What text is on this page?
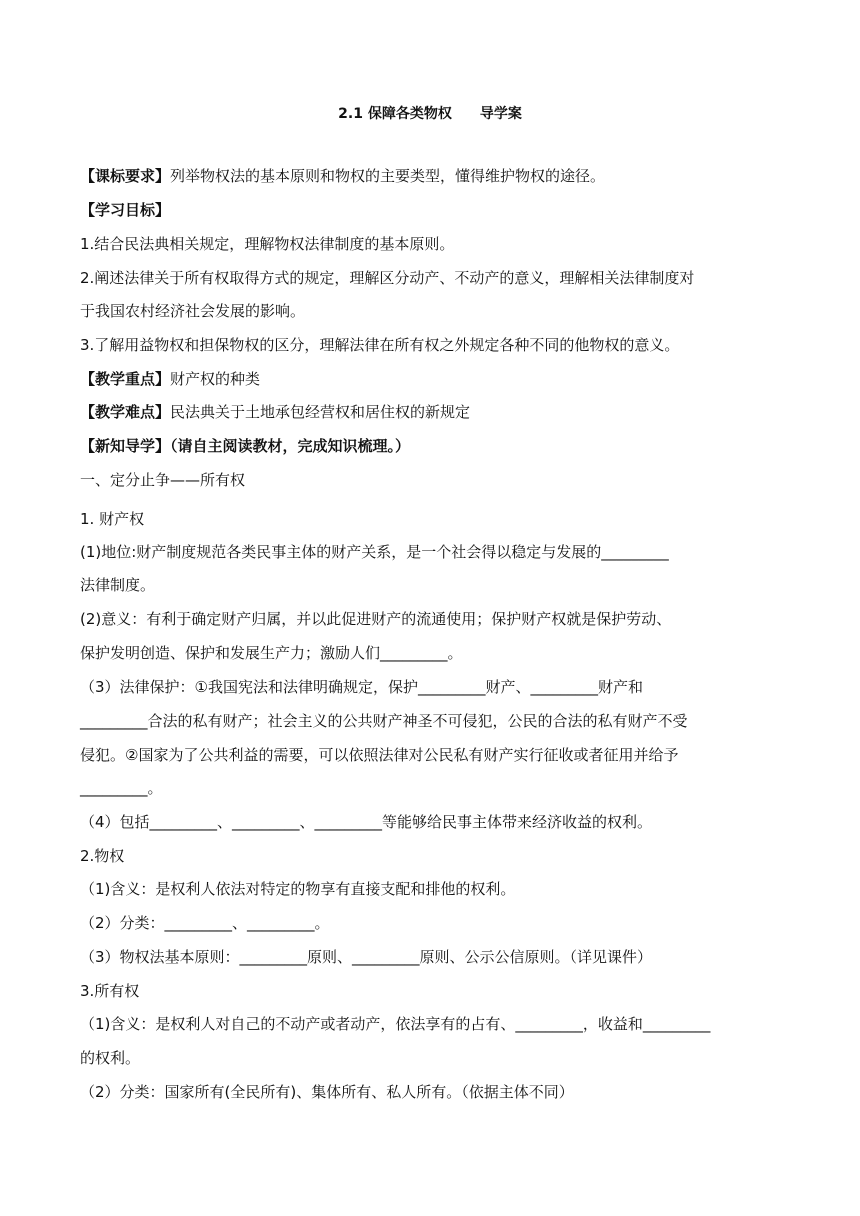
2.1 保障各类物权 导学案
【课标要求】列举物权法的基本原则和物权的主要类型，懂得维护物权的途径。
【学习目标】
1.结合民法典相关规定，理解物权法律制度的基本原则。
2.阐述法律关于所有权取得方式的规定，理解区分动产、不动产的意义，理解相关法律制度对
于我国农村经济社会发展的影响。
3.了解用益物权和担保物权的区分，理解法律在所有权之外规定各种不同的他物权的意义。
【教学重点】财产权的种类
【教学难点】民法典关于土地承包经营权和居住权的新规定
【新知导学】（请自主阅读教材，完成知识梳理。）
一、定分止争——所有权
1. 财产权
(1)地位:财产制度规范各类民事主体的财产关系，是一个社会得以稳定与发展的_________
法律制度。
(2)意义：有利于确定财产归属，并以此促进财产的流通使用；保护财产权就是保护劳动、
保护发明创造、保护和发展生产力；激励人们_________。
（3）法律保护：①我国宪法和法律明确规定，保护_________财产、_________财产和
_________合法的私有财产；社会主义的公共财产神圣不可侵犯，公民的合法的私有财产不受
侵犯。②国家为了公共利益的需要，可以依照法律对公民私有财产实行征收或者征用并给予
_________。
（4）包括_________、_________、_________等能够给民事主体带来经济收益的权利。
2.物权
（1)含义：是权利人依法对特定的物享有直接支配和排他的权利。
（2）分类：_________、_________。
（3）物权法基本原则：_________原则、_________原则、公示公信原则。（详见课件）
3.所有权
（1)含义：是权利人对自己的不动产或者动产，依法享有的占有、_________，收益和_________
的权利。
（2）分类：国家所有(全民所有)、集体所有、私人所有。（依据主体不同）
